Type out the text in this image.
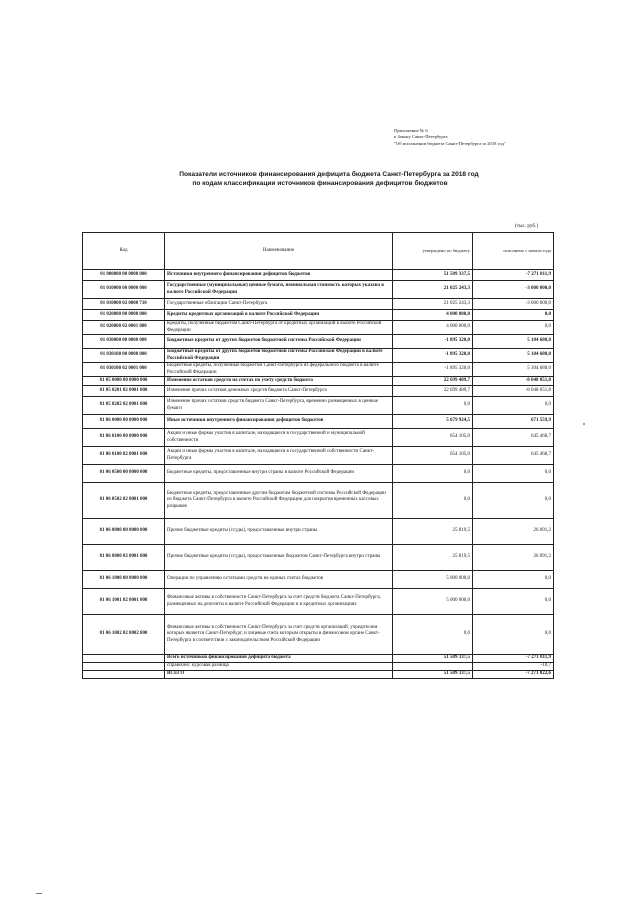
Приложение № 6
к Закону Санкт-Петербурга
"Об исполнении бюджета Санкт-Петербурга за 2018 год"
Показатели источников финансирования дефицита бюджета Санкт-Петербурга за 2018 год
по кодам классификации источников финансирования дефицитов бюджетов
(тыс. руб.)
Код	Наименование	утверждено по бюджету	исполнено с начала года
01 000000 00 0000 000	Источники внутреннего финансирования дефицитов бюджетов	51 509 337,5	-7 271 811,9
01 010000 00 0000 000	Государственные (муниципальные) ценные бумаги, номинальная стоимость которых указана в валюте Российской Федерации	21 025 243,3	-3 000 000,0
01 010000 02 0000 710	Государственные облигации Санкт-Петербурга	21 025 243,3	-3 000 000,0
01 020000 00 0000 000	Кредиты кредитных организаций в валюте Российской Федерации	4 000 000,0	0,0
01 020000 02 0001 000	Кредиты, полученные бюджетом Санкт-Петербурга от кредитных организаций в валюте Российской Федерации	4 000 000,0	0,0
01 030000 00 0000 000	Бюджетные кредиты от других бюджетов бюджетной системы Российской Федерации	-1 895 320,0	5 104 680,0
01 030100 00 0000 000	Бюджетные кредиты от других бюджетов бюджетной системы Российской Федерации в валюте Российской Федерации	-1 895 320,0	5 104 680,0
01 030100 02 0001 000	Бюджетные кредиты, полученные бюджетом Санкт-Петербурга из федерального бюджета в валюте Российской Федерации	-1 895 320,0	5 104 680,0
01 05 0000 00 0000 000	Изменение остатков средств на счетах по учету средств бюджета	22 699 489,7	-8 048 051,8
01 05 0201 02 0001 000	Изменение прочих остатков денежных средств бюджета Санкт-Петербурга	22 699 489,7	-8 048 051,8
01 05 0202 02 0001 000	Изменение прочих остатков средств бюджета Санкт-Петербурга, временно размещенных в ценные бумаги	0,0	0,0
01 06 0000 00 0000 000	Иные источники внутреннего финансирования дефицитов бюджетов	5 679 924,5	671 559,9
01 06 0100 00 0000 000	Акции и иные формы участия в капитале, находящиеся в государственной и муниципальной собственности	654 105,0	645 468,7
01 06 0100 02 0001 000	Акции и иные формы участия в капитале, находящиеся в государственной собственности Санкт-Петербурга	654 105,0	645 468,7
01 06 0500 00 0000 000	Бюджетные кредиты, предоставленные внутри страны в валюте Российской Федерации	0,0	0,0
01 06 0502 02 0001 000	Бюджетные кредиты, предоставленные другим бюджетам бюджетной системы Российской Федерации из бюджета Санкт-Петербурга в валюте Российской Федерации для покрытия временных кассовых разрывов	0,0	0,0
01 06 0800 00 0000 000	Прочие бюджетные кредиты (ссуды), предоставленные внутри страны	25 819,5	26 091,2
01 06 0800 02 0001 000	Прочие бюджетные кредиты (ссуды), предоставленные бюджетом Санкт-Петербурга внутри страны	25 819,5	26 091,2
01 06 1000 00 0000 000	Операции по управлению остатками средств на единых счетах бюджетов	5 000 000,0	0,0
01 06 1001 02 0001 000	Финансовые активы в собственности Санкт-Петербурга за счет средств бюджета Санкт-Петербурга, размещенных на депозиты в валюте Российской Федерации и в кредитных организациях	5 000 000,0	0,0
01 06 1002 02 0002 000	Финансовые активы в собственности Санкт-Петербурга за счет средств организаций, учредителем которых является Санкт-Петербург, и лицевые счета которым открыты в финансовом органе Санкт-Петербурга в соответствии с законодательством Российской Федерации	0,0	0,0
	Всего источников финансирования дефицита бюджета	51 509 337,5	-7 271 811,9
	справочно: курсовая разница		-10,7
	ВСЕГО	51 509 337,5	-7 271 822,6
